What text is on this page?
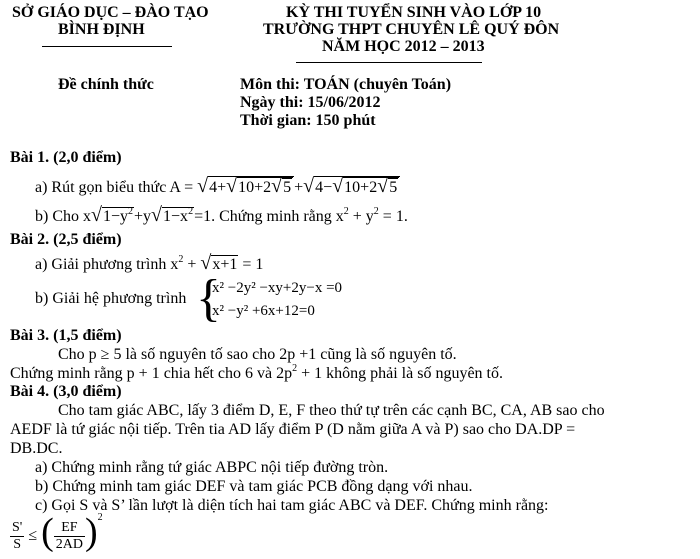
SỞ GIÁO DỤC – ĐÀO TẠO
BÌNH ĐỊNH
KỲ THI TUYỂN SINH VÀO LỚP 10
TRƯỜNG THPT CHUYÊN LÊ QUÝ ĐÔN
NĂM HỌC 2012 – 2013
Đề chính thức	Môn thi: TOÁN (chuyên Toán)
Ngày thi: 15/06/2012
Thời gian: 150 phút
Bài 1. (2,0 điểm)
a) Rút gọn biểu thức A = √4+√10+2√5 +√4−√10+2√5
b) Cho $x√1-y^2+y√1-x^2=1$. Chứng minh rằng $x^2 + y^2 = 1$.
Bài 2. (2,5 điểm)
a) Giải phương trình $x^2 + √x+1 = 1$
b) Giải hệ phương trình {
x² −2y² −xy+2y−x =0
x² −y² +6x+12=0
Bài 3. (1,5 điểm)
Cho p ≥ 5 là số nguyên tố sao cho 2p +1 cũng là số nguyên tố.
Chứng minh rằng p + 1 chia hết cho 6 và $2p^2 + 1$ không phải là số nguyên tố.
Bài 4. (3,0 điểm)
Cho tam giác ABC, lấy 3 điểm D, E, F theo thứ tự trên các cạnh BC, CA, AB sao cho
AEDF là tứ giác nội tiếp. Trên tia AD lấy điểm P (D nằm giữa A và P) sao cho DA.DP =
DB.DC.
a) Chứng minh rằng tứ giác ABPC nội tiếp đường tròn.
b) Chứng minh tam giác DEF và tam giác PCB đồng dạng với nhau.
c) Gọi S và S’ lần lượt là diện tích hai tam giác ABC và DEF. Chứng minh rằng:
$\frac{S'}{S}$ ≤ ( $\frac{EF}{2AD} )^2$
